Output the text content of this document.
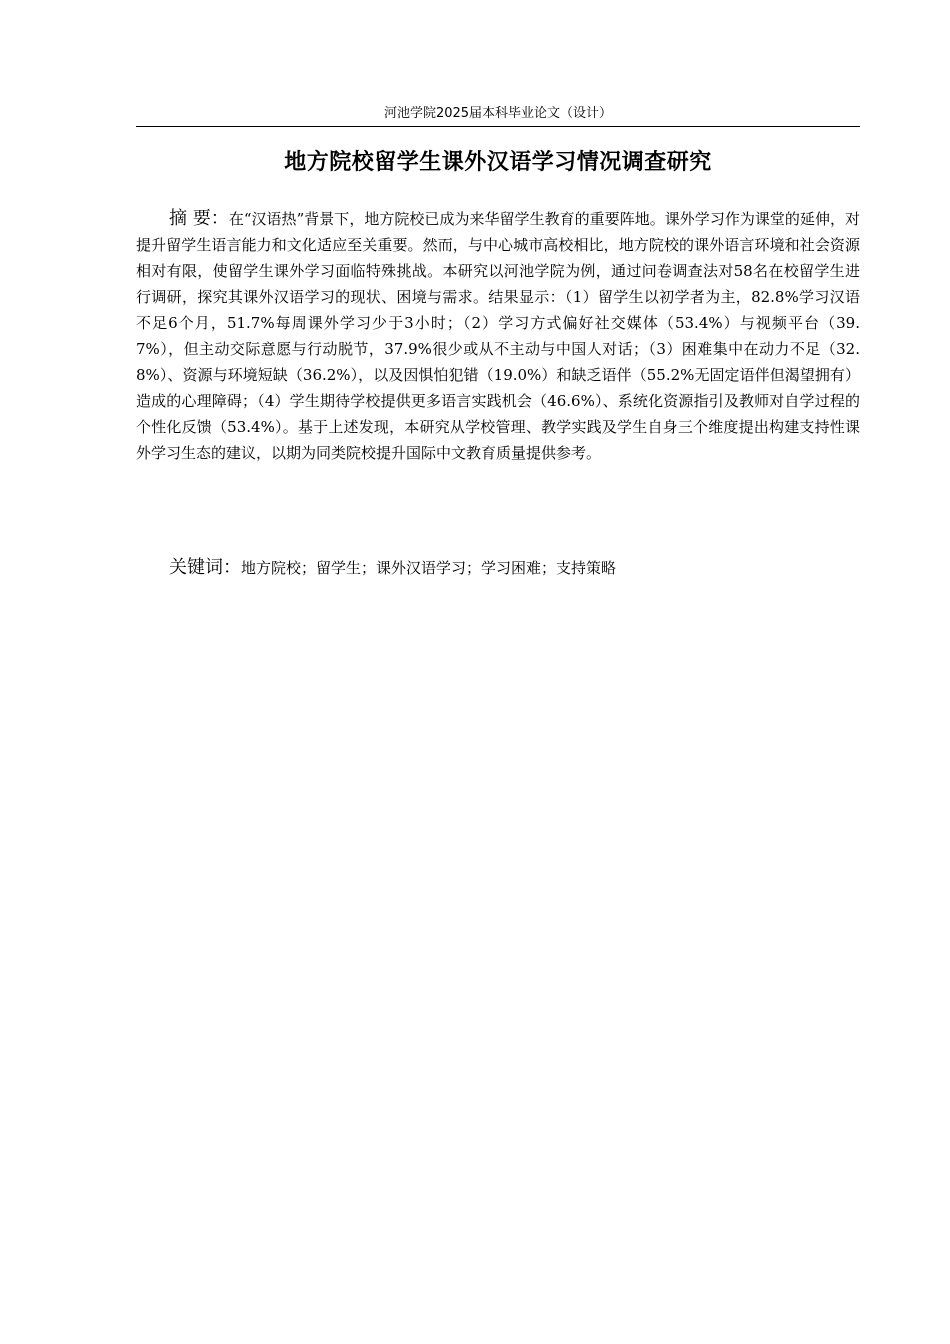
河池学院2025届本科毕业论文（设计）
地方院校留学生课外汉语学习情况调查研究

摘 要：在“汉语热”背景下，地方院校已成为来华留学生教育的重要阵地。课外学习作为课堂的延伸，对提升留学生语言能力和文化适应至关重要。然而，与中心城市高校相比，地方院校的课外语言环境和社会资源相对有限，使留学生课外学习面临特殊挑战。本研究以河池学院为例，通过问卷调查法对58名在校留学生进行调研，探究其课外汉语学习的现状、困境与需求。结果显示：（1）留学生以初学者为主，82.8%学习汉语不足6个月，51.7%每周课外学习少于3小时；（2）学习方式偏好社交媒体（53.4%）与视频平台（39.7%），但主动交际意愿与行动脱节，37.9%很少或从不主动与中国人对话；（3）困难集中在动力不足（32.8%）、资源与环境短缺（36.2%），以及因惧怕犯错（19.0%）和缺乏语伴（55.2%无固定语伴但渴望拥有）造成的心理障碍；（4）学生期待学校提供更多语言实践机会（46.6%）、系统化资源指引及教师对自学过程的个性化反馈（53.4%）。基于上述发现，本研究从学校管理、教学实践及学生自身三个维度提出构建支持性课外学习生态的建议，以期为同类院校提升国际中文教育质量提供参考。

关键词：地方院校；留学生；课外汉语学习；学习困难；支持策略
